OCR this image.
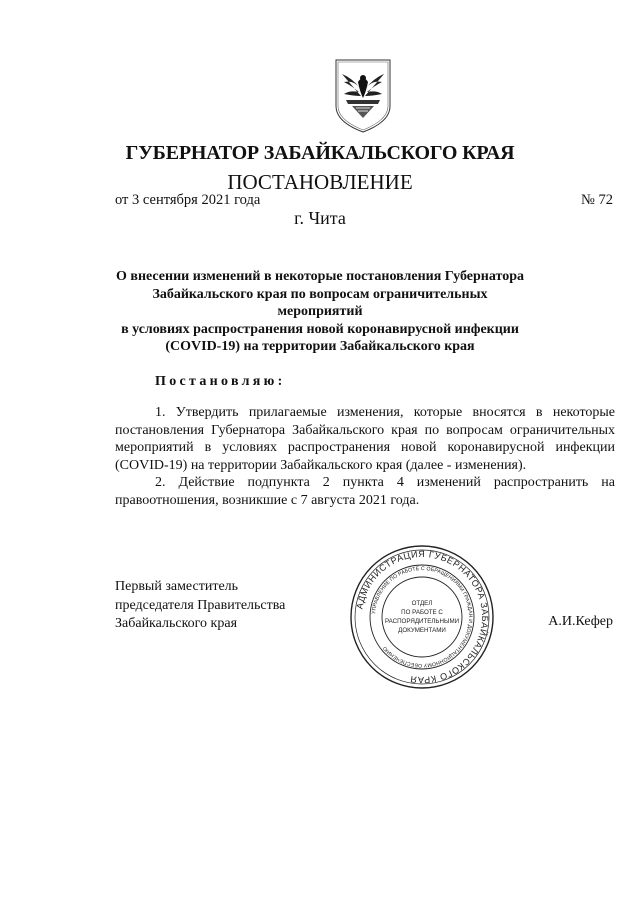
ГУБЕРНАТОР ЗАБАЙКАЛЬСКОГО КРАЯ
ПОСТАНОВЛЕНИЕ
от 3 сентября 2021 года	№ 72
г. Чита
О внесении изменений в некоторые постановления Губернатора
Забайкальского края по вопросам ограничительных мероприятий
в условиях распространения новой коронавирусной инфекции
(COVID-19) на территории Забайкальского края
Постановляю:

1. Утвердить прилагаемые изменения, которые вносятся в некоторые постановления Губернатора Забайкальского края по вопросам ограничительных мероприятий в условиях распространения новой коронавирусной инфекции (COVID-19) на территории Забайкальского края (далее - изменения).

2. Действие подпункта 2 пункта 4 изменений распространить на правоотношения, возникшие с 7 августа 2021 года.

Первый заместитель
председателя Правительства
Забайкальского края	А.И.Кефер
АДМИНИСТРАЦИЯ ГУБЕРНАТОРА ЗАБАЙКАЛЬСКОГО КРАЯ
УПРАВЛЕНИЕ ПО РАБОТЕ С ОБРАЩЕНИЯМИ ГРАЖДАН И ДОКУМЕНТАЦИОННОМУ ОБЕСПЕЧЕНИЮ
ОТДЕЛ
ПО РАБОТЕ С
РАСПОРЯДИТЕЛЬНЫМИ
ДОКУМЕНТАМИ
